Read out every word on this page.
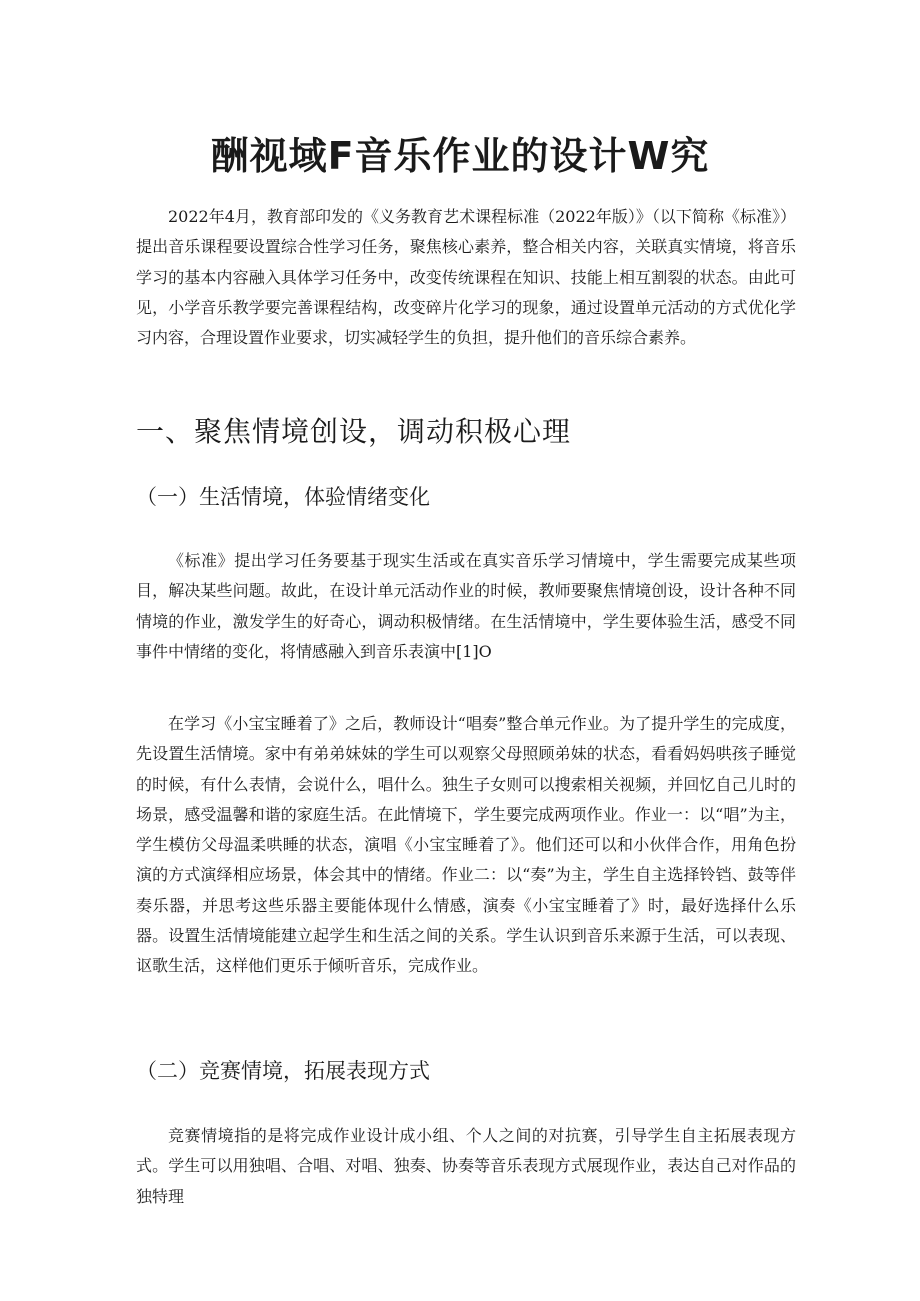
酬视域F音乐作业的设计W究

2022年4月，教育部印发的《义务教育艺术课程标准（2022年版）》（以下简称《标准》）提出音乐课程要设置综合性学习任务，聚焦核心素养，整合相关内容，关联真实情境，将音乐学习的基本内容融入具体学习任务中，改变传统课程在知识、技能上相互割裂的状态。由此可见，小学音乐教学要完善课程结构，改变碎片化学习的现象，通过设置单元活动的方式优化学习内容，合理设置作业要求，切实减轻学生的负担，提升他们的音乐综合素养。

一、聚焦情境创设，调动积极心理
（一）生活情境，体验情绪变化

《标准》提出学习任务要基于现实生活或在真实音乐学习情境中，学生需要完成某些项目，解决某些问题。故此，在设计单元活动作业的时候，教师要聚焦情境创设，设计各种不同情境的作业，激发学生的好奇心，调动积极情绪。在生活情境中，学生要体验生活，感受不同事件中情绪的变化，将情感融入到音乐表演中[1]O

在学习《小宝宝睡着了》之后，教师设计“唱奏”整合单元作业。为了提升学生的完成度，先设置生活情境。家中有弟弟妹妹的学生可以观察父母照顾弟妹的状态，看看妈妈哄孩子睡觉的时候，有什么表情，会说什么，唱什么。独生子女则可以搜索相关视频，并回忆自己儿时的场景，感受温馨和谐的家庭生活。在此情境下，学生要完成两项作业。作业一：以“唱”为主，学生模仿父母温柔哄睡的状态，演唱《小宝宝睡着了》。他们还可以和小伙伴合作，用角色扮演的方式演绎相应场景，体会其中的情绪。作业二：以“奏”为主，学生自主选择铃铛、鼓等伴奏乐器，并思考这些乐器主要能体现什么情感，演奏《小宝宝睡着了》时，最好选择什么乐器。设置生活情境能建立起学生和生活之间的关系。学生认识到音乐来源于生活，可以表现、讴歌生活，这样他们更乐于倾听音乐，完成作业。

（二）竞赛情境，拓展表现方式

竞赛情境指的是将完成作业设计成小组、个人之间的对抗赛，引导学生自主拓展表现方式。学生可以用独唱、合唱、对唱、独奏、协奏等音乐表现方式展现作业，表达自己对作品的独特理
